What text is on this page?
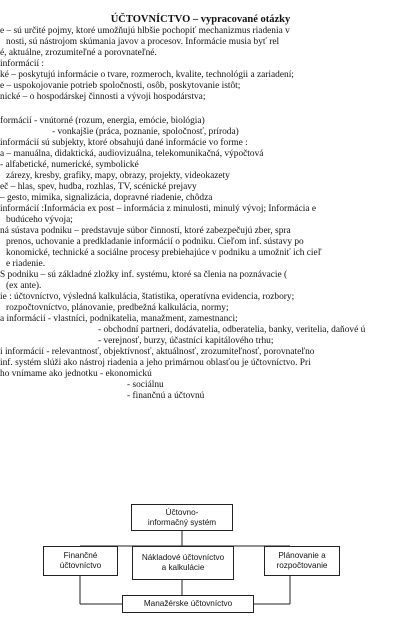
ÚČTOVNÍCTVO – vypracované otázky
e – sú určité pojmy, ktoré umožňujú hlbšie pochopiť mechanizmus riadenia v
nosti, sú nástrojom skúmania javov a procesov. Informácie musia byť rel
é, aktuálne, zrozumiteľné a porovnateľné.
informácií :
ké – poskytujú informácie o tvare, rozmeroch, kvalite, technológii a zariadení;
e – uspokojovanie potrieb spoločnosti, osôb, poskytovanie istôt;
nické – o hospodárskej činnosti a vývoji hospodárstva;
formácií - vnútorné (rozum, energia, emócie, biológia)
- vonkajšie (práca, poznanie, spoločnosť, príroda)
informácií sú subjekty, ktoré obsahujú dané informácie vo forme :
a – manuálna, didaktická, audiovizuálna, telekomunikačná, výpočtová
- alfabetické, numerické, symbolické
zárezy, kresby, grafiky, mapy, obrazy, projekty, videokazety
eč – hlas, spev, hudba, rozhlas, TV, scénické prejavy
– gesto, mimika, signalizácia, dopravné riadenie, chôdza
informácií :Informácia ex post – informácia z minulosti, minulý vývoj; Informácia e
budúceho vývoja;
ná sústava podniku – predstavuje súbor činností, ktoré zabezpečujú zber, spra
prenos, uchovanie a predkladanie informácií o podniku. Cieľom inf. sústavy po
konomické, technické a sociálne procesy prebiehajúce v podniku a umožniť ich cieľ
e riadenie.
S podniku – sú základné zložky inf. systému, ktoré sa členia na poznávacie (
(ex ante).
ie : účtovníctvo, výsledná kalkulácia, štatistika, operatívna evidencia, rozbory;
rozpočtovníctvo, plánovanie, predbežná kalkulácia, normy;
a informácií - vlastníci, podnikatelia, manažment, zamestnanci;
- obchodní partneri, dodávatelia, odberatelia, banky, veritelia, daňové ú
- verejnosť, burzy, účastníci kapitálového trhu;
i informácií - relevantnosť, objektívnosť, aktuálnosť, zrozumiteľnosť, porovnateľno
inf. systém slúži ako nástroj riadenia a jeho primárnou oblasťou je účtovníctvo. Pri
ho vnímame ako jednotku - ekonomickú
- sociálnu
- finančnú a účtovnú
Účtovno-
informačný systém
Finančné
účtovníctvo
Nákladové účtovníctvo
a kalkulácie
Plánovanie a
rozpočtovanie
Manažérske účtovníctvo
